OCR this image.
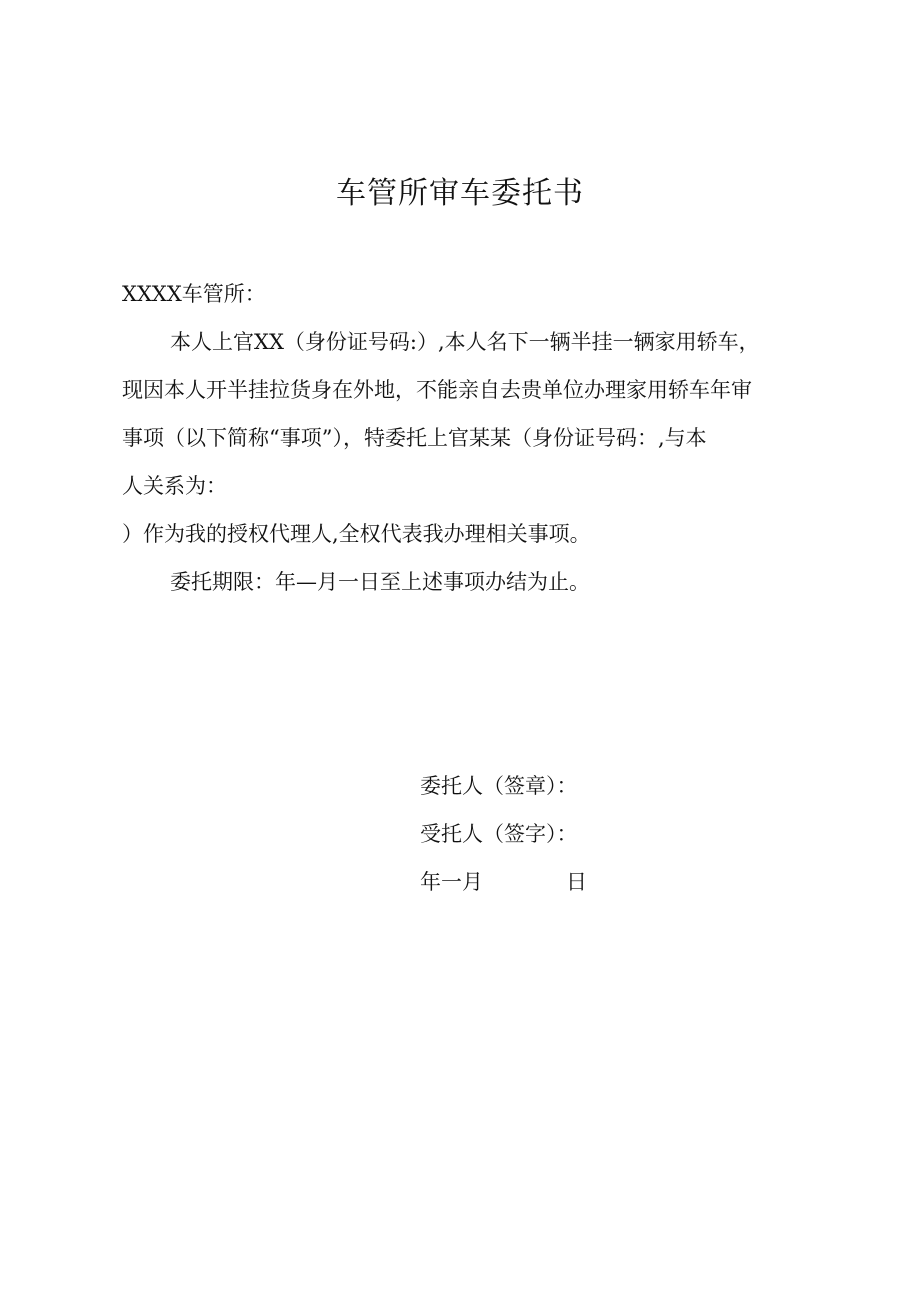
车管所审车委托书
XXXX车管所：
本人上官XX（身份证号码:）,本人名下一辆半挂一辆家用轿车，
现因本人开半挂拉货身在外地，不能亲自去贵单位办理家用轿车年审
事项（以下简称“事项”），特委托上官某某（身份证号码：,与本
人关系为：
）作为我的授权代理人,全权代表我办理相关事项。
委托期限：年—月一日至上述事项办结为止。
委托人（签章）：
受托人（签字）：
年一月	日
